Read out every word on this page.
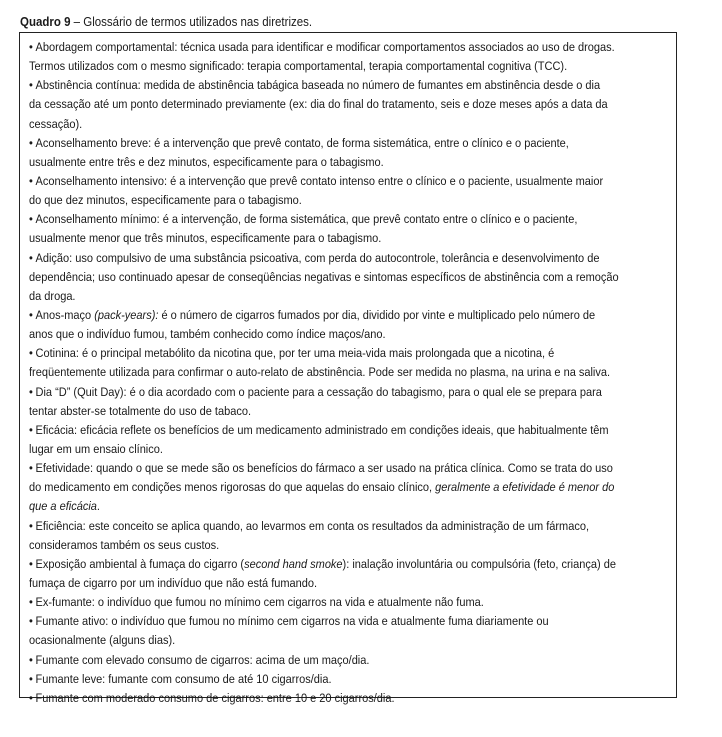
Quadro 9 – Glossário de termos utilizados nas diretrizes.
• Abordagem comportamental: técnica usada para identificar e modificar comportamentos associados ao uso de drogas.
Termos utilizados com o mesmo significado: terapia comportamental, terapia comportamental cognitiva (TCC).
• Abstinência contínua: medida de abstinência tabágica baseada no número de fumantes em abstinência desde o dia
da cessação até um ponto determinado previamente (ex: dia do final do tratamento, seis e doze meses após a data da
cessação).
• Aconselhamento breve: é a intervenção que prevê contato, de forma sistemática, entre o clínico e o paciente,
usualmente entre três e dez minutos, especificamente para o tabagismo.
• Aconselhamento intensivo: é a intervenção que prevê contato intenso entre o clínico e o paciente, usualmente maior
do que dez minutos, especificamente para o tabagismo.
• Aconselhamento mínimo: é a intervenção, de forma sistemática, que prevê contato entre o clínico e o paciente,
usualmente menor que três minutos, especificamente para o tabagismo.
• Adição: uso compulsivo de uma substância psicoativa, com perda do autocontrole, tolerância e desenvolvimento de
dependência; uso continuado apesar de conseqüências negativas e sintomas específicos de abstinência com a remoção
da droga.
• Anos-maço (pack-years): é o número de cigarros fumados por dia, dividido por vinte e multiplicado pelo número de
anos que o indivíduo fumou, também conhecido como índice maços/ano.
• Cotinina: é o principal metabólito da nicotina que, por ter uma meia-vida mais prolongada que a nicotina, é
freqüentemente utilizada para confirmar o auto-relato de abstinência. Pode ser medida no plasma, na urina e na saliva.
• Dia “D” (Quit Day): é o dia acordado com o paciente para a cessação do tabagismo, para o qual ele se prepara para
tentar abster-se totalmente do uso de tabaco.
• Eficácia: eficácia reflete os benefícios de um medicamento administrado em condições ideais, que habitualmente têm
lugar em um ensaio clínico.
• Efetividade: quando o que se mede são os benefícios do fármaco a ser usado na prática clínica. Como se trata do uso
do medicamento em condições menos rigorosas do que aquelas do ensaio clínico, geralmente a efetividade é menor do
que a eficácia.
• Eficiência: este conceito se aplica quando, ao levarmos em conta os resultados da administração de um fármaco,
consideramos também os seus custos.
• Exposição ambiental à fumaça do cigarro (second hand smoke): inalação involuntária ou compulsória (feto, criança) de
fumaça de cigarro por um indivíduo que não está fumando.
• Ex-fumante: o indivíduo que fumou no mínimo cem cigarros na vida e atualmente não fuma.
• Fumante ativo: o indivíduo que fumou no mínimo cem cigarros na vida e atualmente fuma diariamente ou
ocasionalmente (alguns dias).
• Fumante com elevado consumo de cigarros: acima de um maço/dia.
• Fumante leve: fumante com consumo de até 10 cigarros/dia.
• Fumante com moderado consumo de cigarros: entre 10 e 20 cigarros/dia.
